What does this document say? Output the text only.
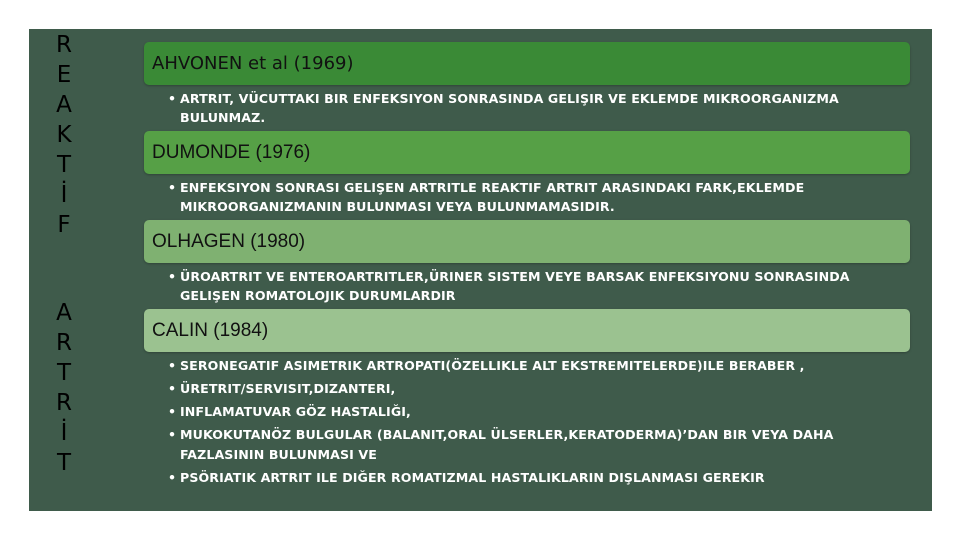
R
E
A
K
T
İ
F
A
R
T
R
İ
T
AHVONEN et al (1969)
• ARTRIT, VÜCUTTAKI BIR ENFEKSIYON SONRASINDA GELIŞIR VE EKLEMDE MIKROORGANIZMA BULUNMAZ.
DUMONDE (1976)
• ENFEKSIYON SONRASI GELIŞEN ARTRITLE REAKTIF ARTRIT ARASINDAKI FARK,EKLEMDE MIKROORGANIZMANIN BULUNMASI VEYA BULUNMAMASIDIR.
OLHAGEN (1980)
• ÜROARTRIT VE ENTEROARTRITLER,ÜRINER SISTEM VEYE BARSAK ENFEKSIYONU SONRASINDA GELIŞEN ROMATOLOJIK DURUMLARDIR
CALIN (1984)
• SERONEGATIF ASIMETRIK ARTROPATI(ÖZELLIKLE ALT EKSTREMITELERDE)ILE BERABER ,
• ÜRETRIT/SERVISIT,DIZANTERI,
• INFLAMATUVAR GÖZ HASTALIĞI,
• MUKOKUTANÖZ BULGULAR (BALANIT,ORAL ÜLSERLER,KERATODERMA)’DAN BIR VEYA DAHA FAZLASININ BULUNMASI VE
• PSÖRIATIK ARTRIT ILE DIĞER ROMATIZMAL HASTALIKLARIN DIŞLANMASI GEREKIR
